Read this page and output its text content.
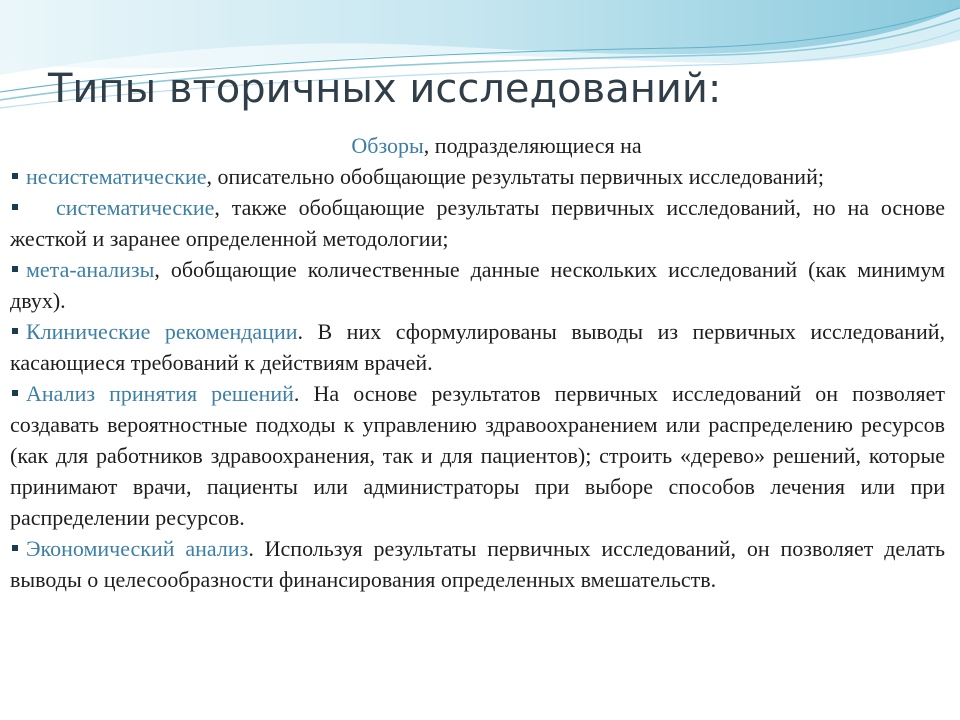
Типы вторичных исследований:
Обзоры, подразделяющиеся на
несистематические, описательно обобщающие результаты первичных исследований;
систематические, также обобщающие результаты первичных исследований, но на основе жесткой и заранее определенной методологии;
мета-анализы, обобщающие количественные данные нескольких исследований (как минимум двух).
Клинические рекомендации. В них сформулированы выводы из первичных исследований, касающиеся требований к действиям врачей.
Анализ принятия решений. На основе результатов первичных исследований он позволяет создавать вероятностные подходы к управлению здравоохранением или распределению ресурсов (как для работников здравоохранения, так и для пациентов); строить «дерево» решений, которые принимают врачи, пациенты или администраторы при выборе способов лечения или при распределении ресурсов.
Экономический анализ. Используя результаты первичных исследований, он позволяет делать выводы о целесообразности финансирования определенных вмешательств.
